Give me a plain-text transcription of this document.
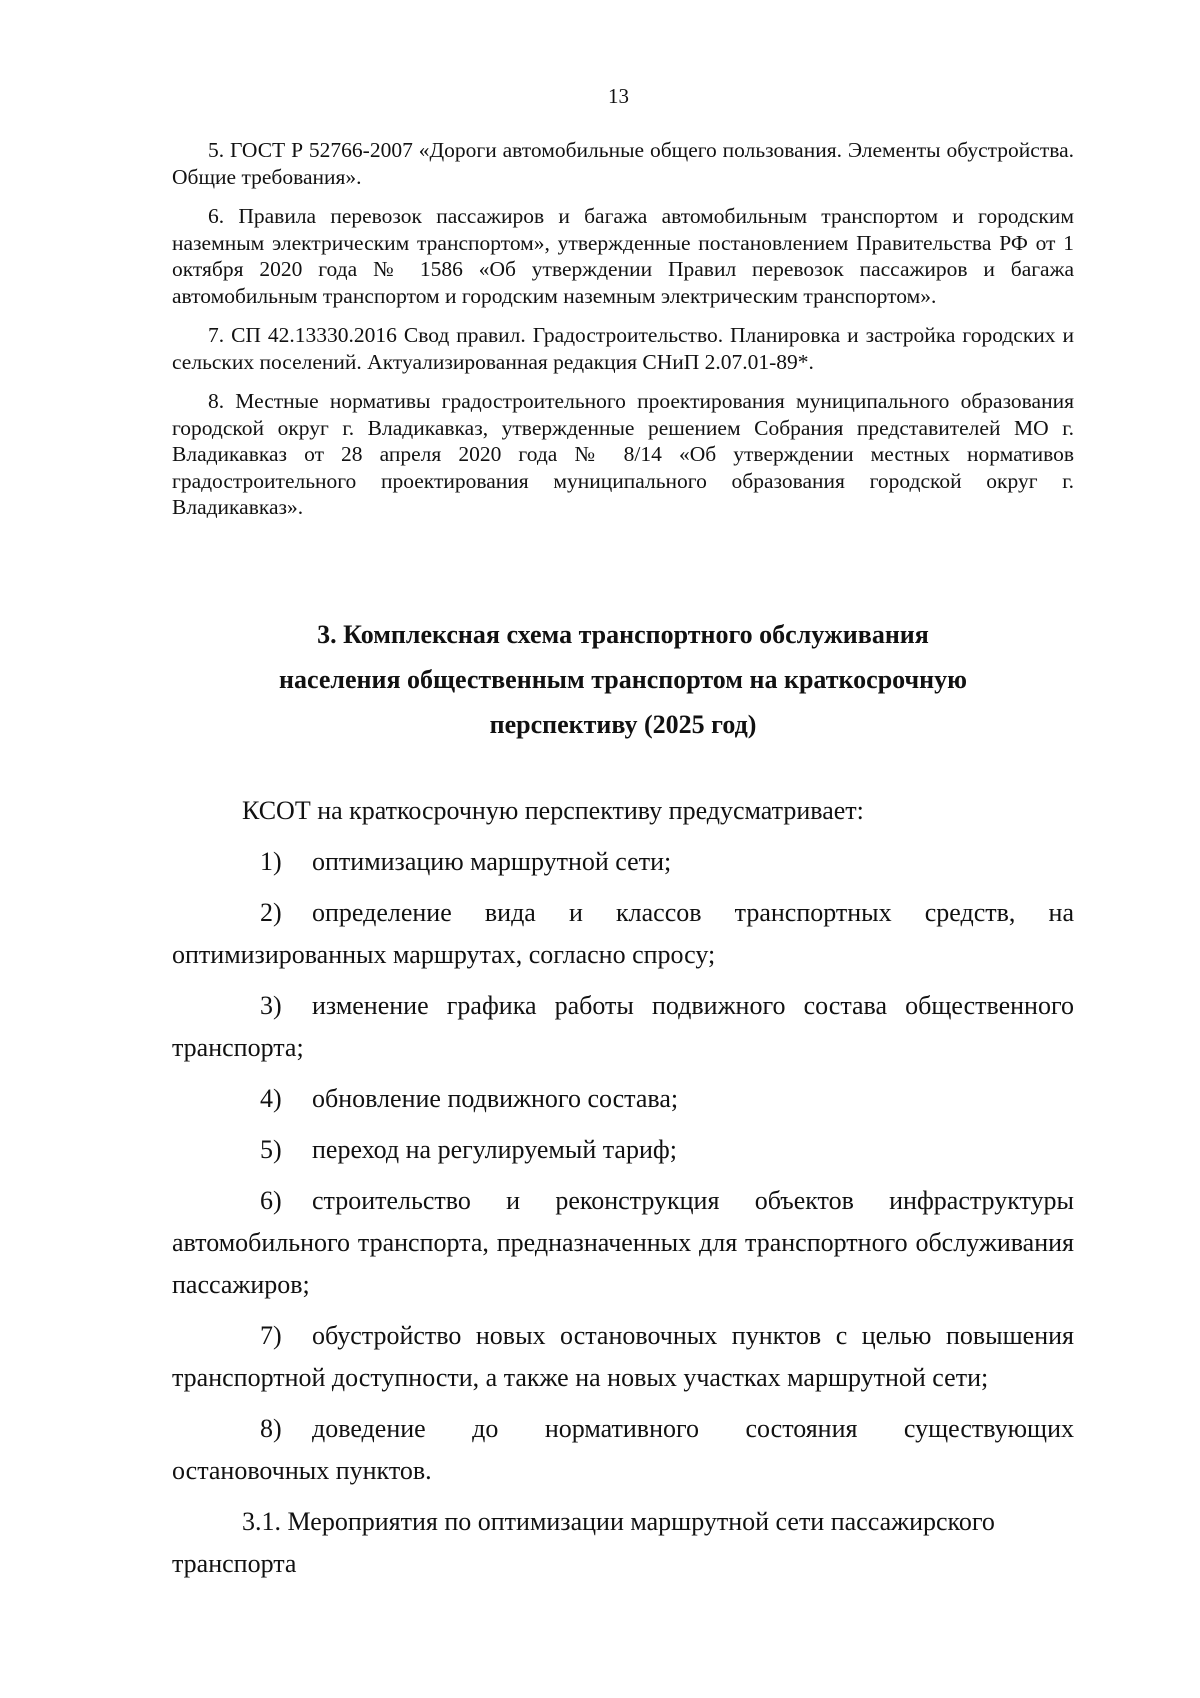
13

5. ГОСТ Р 52766-2007 «Дороги автомобильные общего пользования. Элементы обустройства. Общие требования».

6. Правила перевозок пассажиров и багажа автомобильным транспортом и городским наземным электрическим транспортом», утвержденные постановлением Правительства РФ от 1 октября 2020 года № 1586 «Об утверждении Правил перевозок пассажиров и багажа автомобильным транспортом и городским наземным электрическим транспортом».

7. СП 42.13330.2016 Свод правил. Градостроительство. Планировка и застройка городских и сельских поселений. Актуализированная редакция СНиП 2.07.01-89*.

8. Местные нормативы градостроительного проектирования муниципального образования городской округ г. Владикавказ, утвержденные решением Собрания представителей МО г. Владикавказ от 28 апреля 2020 года № 8/14 «Об утверждении местных нормативов градостроительного проектирования муниципального образования городской округ г. Владикавказ».

3. Комплексная схема транспортного обслуживания
населения общественным транспортом на краткосрочную
перспективу (2025 год)

КСОТ на краткосрочную перспективу предусматривает:

1) оптимизацию маршрутной сети;

2) определение вида и классов транспортных средств, на оптимизированных маршрутах, согласно спросу;

3) изменение графика работы подвижного состава общественного транспорта;

4) обновление подвижного состава;

5) переход на регулируемый тариф;

6) строительство и реконструкция объектов инфраструктуры автомобильного транспорта, предназначенных для транспортного обслуживания пассажиров;

7) обустройство новых остановочных пунктов с целью повышения транспортной доступности, а также на новых участках маршрутной сети;

8) доведение до нормативного состояния существующих остановочных пунктов.

3.1. Мероприятия по оптимизации маршрутной сети пассажирского транспорта
